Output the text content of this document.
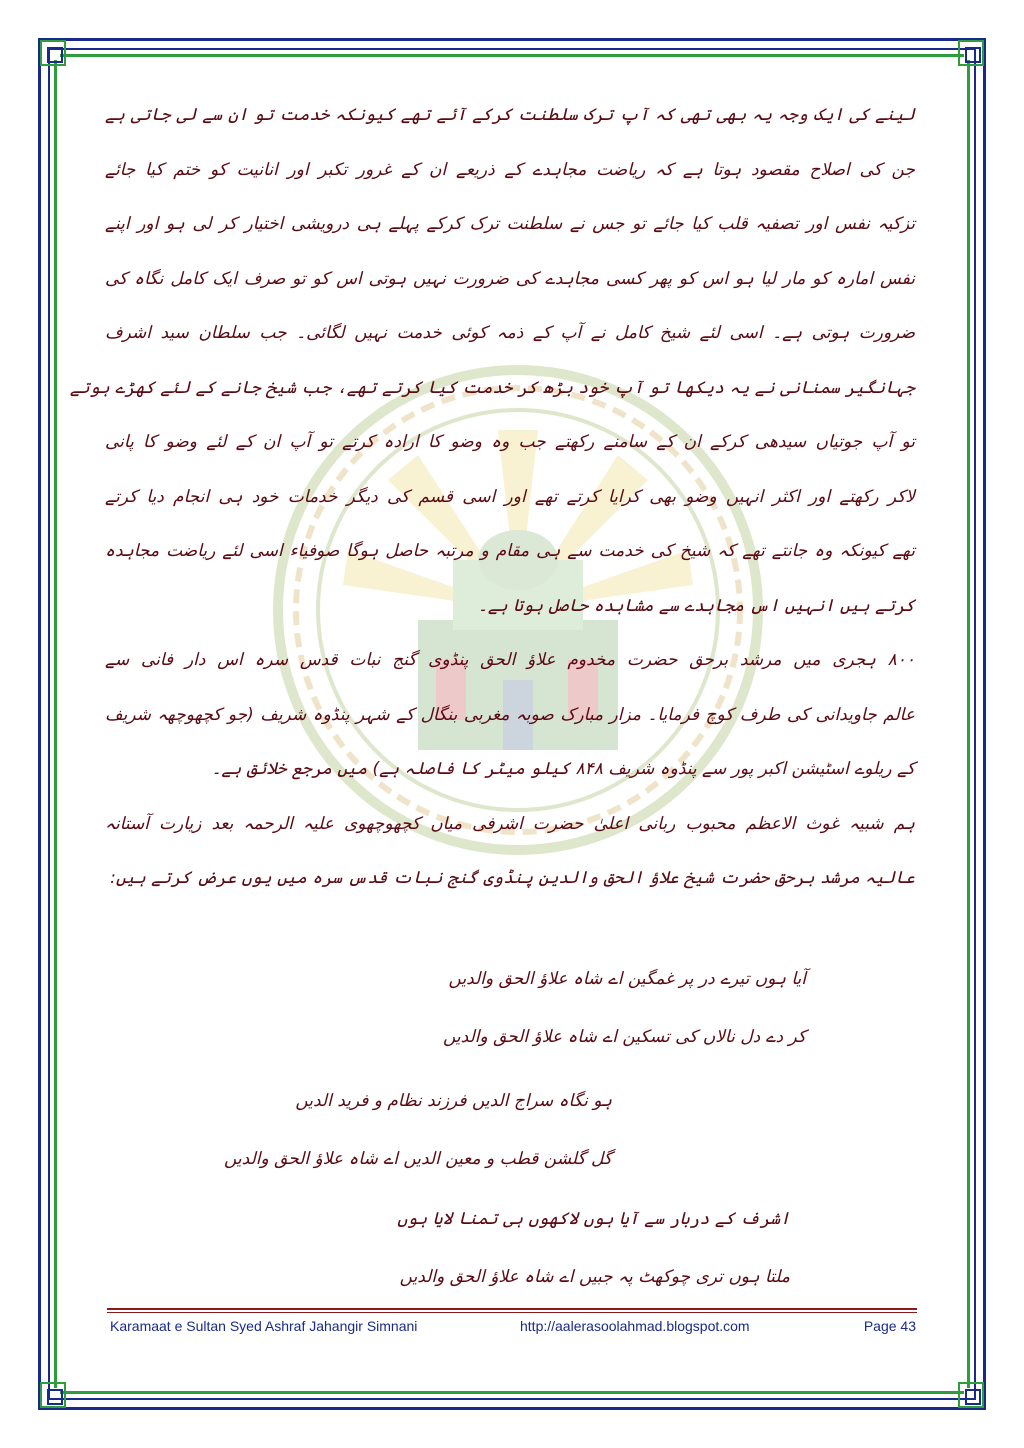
لینے کی ایک وجہ یہ بھی تھی کہ آپ ترک سلطنت کرکے آئے تھے کیونکہ خدمت تو ان سے لی جاتی ہے
جن کی اصلاح مقصود ہوتا ہے کہ ریاضت مجاہدے کے ذریعے ان کے غرور تکبر اور انانیت کو ختم کیا جائے
تزکیہ نفس اور تصفیہ قلب کیا جائے تو جس نے سلطنت ترک کرکے پہلے ہی درویشی اختیار کر لی ہو اور اپنے
نفس امارہ کو مار لیا ہو اس کو پھر کسی مجاہدے کی ضرورت نہیں ہوتی اس کو تو صرف ایک کامل نگاہ کی
ضرورت ہوتی ہے۔ اسی لئے شیخ کامل نے آپ کے ذمہ کوئی خدمت نہیں لگائی۔ جب سلطان سید اشرف
جہانگیر سمنانی نے یہ دیکھا تو آپ خود بڑھ کر خدمت کیا کرتے تھے، جب شیخ جانے کے لئے کھڑے ہوتے
تو آپ جوتیاں سیدھی کرکے ان کے سامنے رکھتے جب وہ وضو کا ارادہ کرتے تو آپ ان کے لئے وضو کا پانی
لاکر رکھتے اور اکثر انہیں وضو بھی کرایا کرتے تھے اور اسی قسم کی دیگر خدمات خود ہی انجام دیا کرتے
تھے کیونکہ وہ جانتے تھے کہ شیخ کی خدمت سے ہی مقام و مرتبہ حاصل ہوگا صوفیاء اسی لئے ریاضت مجاہدہ
کرتے ہیں انہیں اس مجاہدے سے مشاہدہ حاصل ہوتا ہے۔
۸۰۰ ہجری میں مرشد برحق حضرت مخدوم علاؤ الحق پنڈوی گنج نبات قدس سرہ اس دار فانی سے
عالم جاویدانی کی طرف کوچ فرمایا۔ مزار مبارک صوبہ مغربی بنگال کے شہر پنڈوہ شریف (جو کچھوچھہ شریف
کے ریلوے اسٹیشن اکبر پور سے پنڈوہ شریف ۸۴۸ کیلو میٹر کا فاصلہ ہے) میں مرجع خلائق ہے۔
ہم شبیہ غوث الاعظم محبوب ربانی اعلیٰ حضرت اشرفی میاں کچھوچھوی علیہ الرحمہ بعد زیارت آستانہ
عالیہ مرشد برحق حضرت شیخ علاؤ الحق والدین پنڈوی گنج نبات قدس سرہ میں یوں عرض کرتے ہیں:
آیا ہوں تیرے در پر غمگین اے شاہ علاؤ الحق والدیں
کر دے دل نالاں کی تسکین اے شاہ علاؤ الحق والدیں
ہو نگاہ سراج الدیں فرزند نظام و فرید الدیں
گل گلشن قطب و معین الدیں اے شاہ علاؤ الحق والدیں
اشرف کے دربار سے آیا ہوں لاکھوں ہی تمنا لایا ہوں
ملتا ہوں تری چوکھٹ پہ جبیں اے شاہ علاؤ الحق والدیں
Karamaat e Sultan Syed Ashraf Jahangir Simnani	http://aalerasoolahmad.blogspot.com	Page 43
